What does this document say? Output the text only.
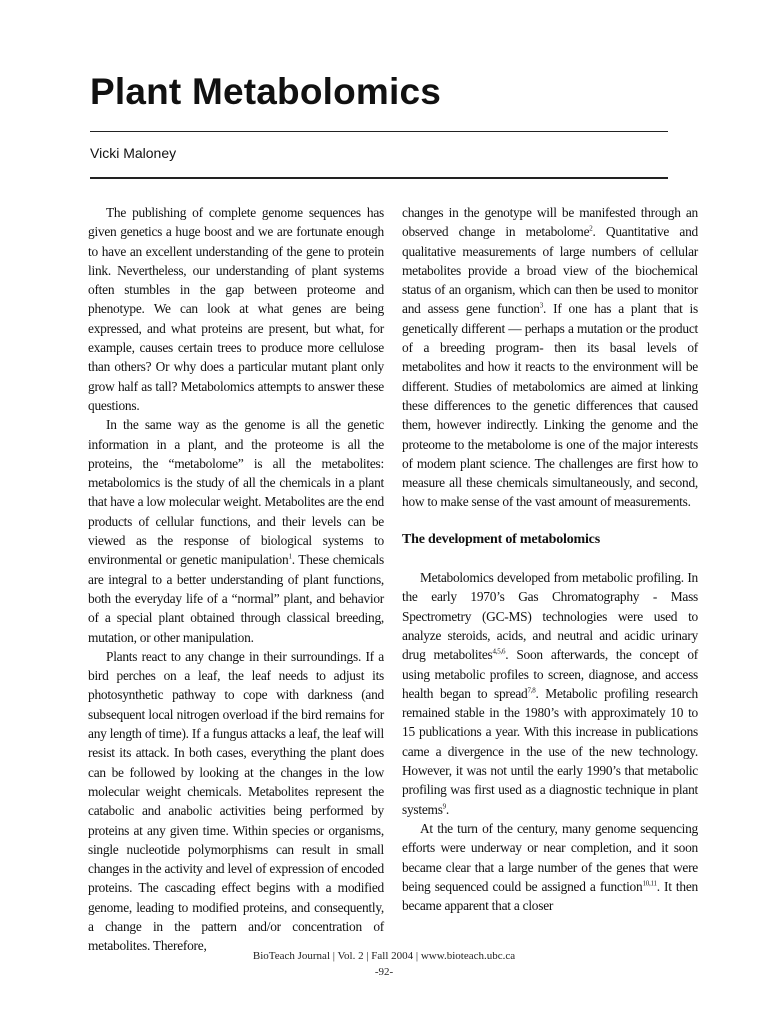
Plant Metabolomics

Vicki Maloney

The publishing of complete genome sequences has given genetics a huge boost and we are fortunate enough to have an excellent understanding of the gene to protein link. Nevertheless, our understanding of plant systems often stumbles in the gap between proteome and phenotype. We can look at what genes are being expressed, and what proteins are present, but what, for example, causes certain trees to produce more cellulose than others? Or why does a particular mutant plant only grow half as tall? Metabolomics attempts to answer these questions.

In the same way as the genome is all the genetic information in a plant, and the proteome is all the proteins, the “metabolome” is all the metabolites: metabolomics is the study of all the chemicals in a plant that have a low molecular weight. Metabolites are the end products of cellular functions, and their levels can be viewed as the response of biological systems to environmental or genetic manipulation$^1$. These chemicals are integral to a better understanding of plant functions, both the everyday life of a “normal” plant, and behavior of a special plant obtained through classical breeding, mutation, or other manipulation.

Plants react to any change in their surroundings. If a bird perches on a leaf, the leaf needs to adjust its photosynthetic pathway to cope with darkness (and subsequent local nitrogen overload if the bird remains for any length of time). If a fungus attacks a leaf, the leaf will resist its attack. In both cases, everything the plant does can be followed by looking at the changes in the low molecular weight chemicals. Metabolites represent the catabolic and anabolic activities being performed by proteins at any given time. Within species or organisms, single nucleotide polymorphisms can result in small changes in the activity and level of expression of encoded proteins. The cascading effect begins with a modified genome, leading to modified proteins, and consequently, a change in the pattern and/or concentration of metabolites. Therefore,

changes in the genotype will be manifested through an observed change in metabolome$^2$. Quantitative and qualitative measurements of large numbers of cellular metabolites provide a broad view of the biochemical status of an organism, which can then be used to monitor and assess gene function$^3$. If one has a plant that is genetically different — perhaps a mutation or the product of a breeding program- then its basal levels of metabolites and how it reacts to the environment will be different. Studies of metabolomics are aimed at linking these differences to the genetic differences that caused them, however indirectly. Linking the genome and the proteome to the metabolome is one of the major interests of modem plant science. The challenges are first how to measure all these chemicals simultaneously, and second, how to make sense of the vast amount of measurements.

The development of metabolomics

Metabolomics developed from metabolic profiling. In the early 1970’s Gas Chromatography - Mass Spectrometry (GC-MS) technologies were used to analyze steroids, acids, and neutral and acidic urinary drug metabolites$^{4,5,6}$. Soon afterwards, the concept of using metabolic profiles to screen, diagnose, and access health began to spread$^{7,8}$. Metabolic profiling research remained stable in the 1980’s with approximately 10 to 15 publications a year. With this increase in publications came a divergence in the use of the new technology. However, it was not until the early 1990’s that metabolic profiling was first used as a diagnostic technique in plant systems$^9$.

At the turn of the century, many genome sequencing efforts were underway or near completion, and it soon became clear that a large number of the genes that were being sequenced could be assigned a function$^{10,11}$. It then became apparent that a closer

BioTeach Journal | Vol. 2 | Fall 2004 | www.bioteach.ubc.ca
-92-
